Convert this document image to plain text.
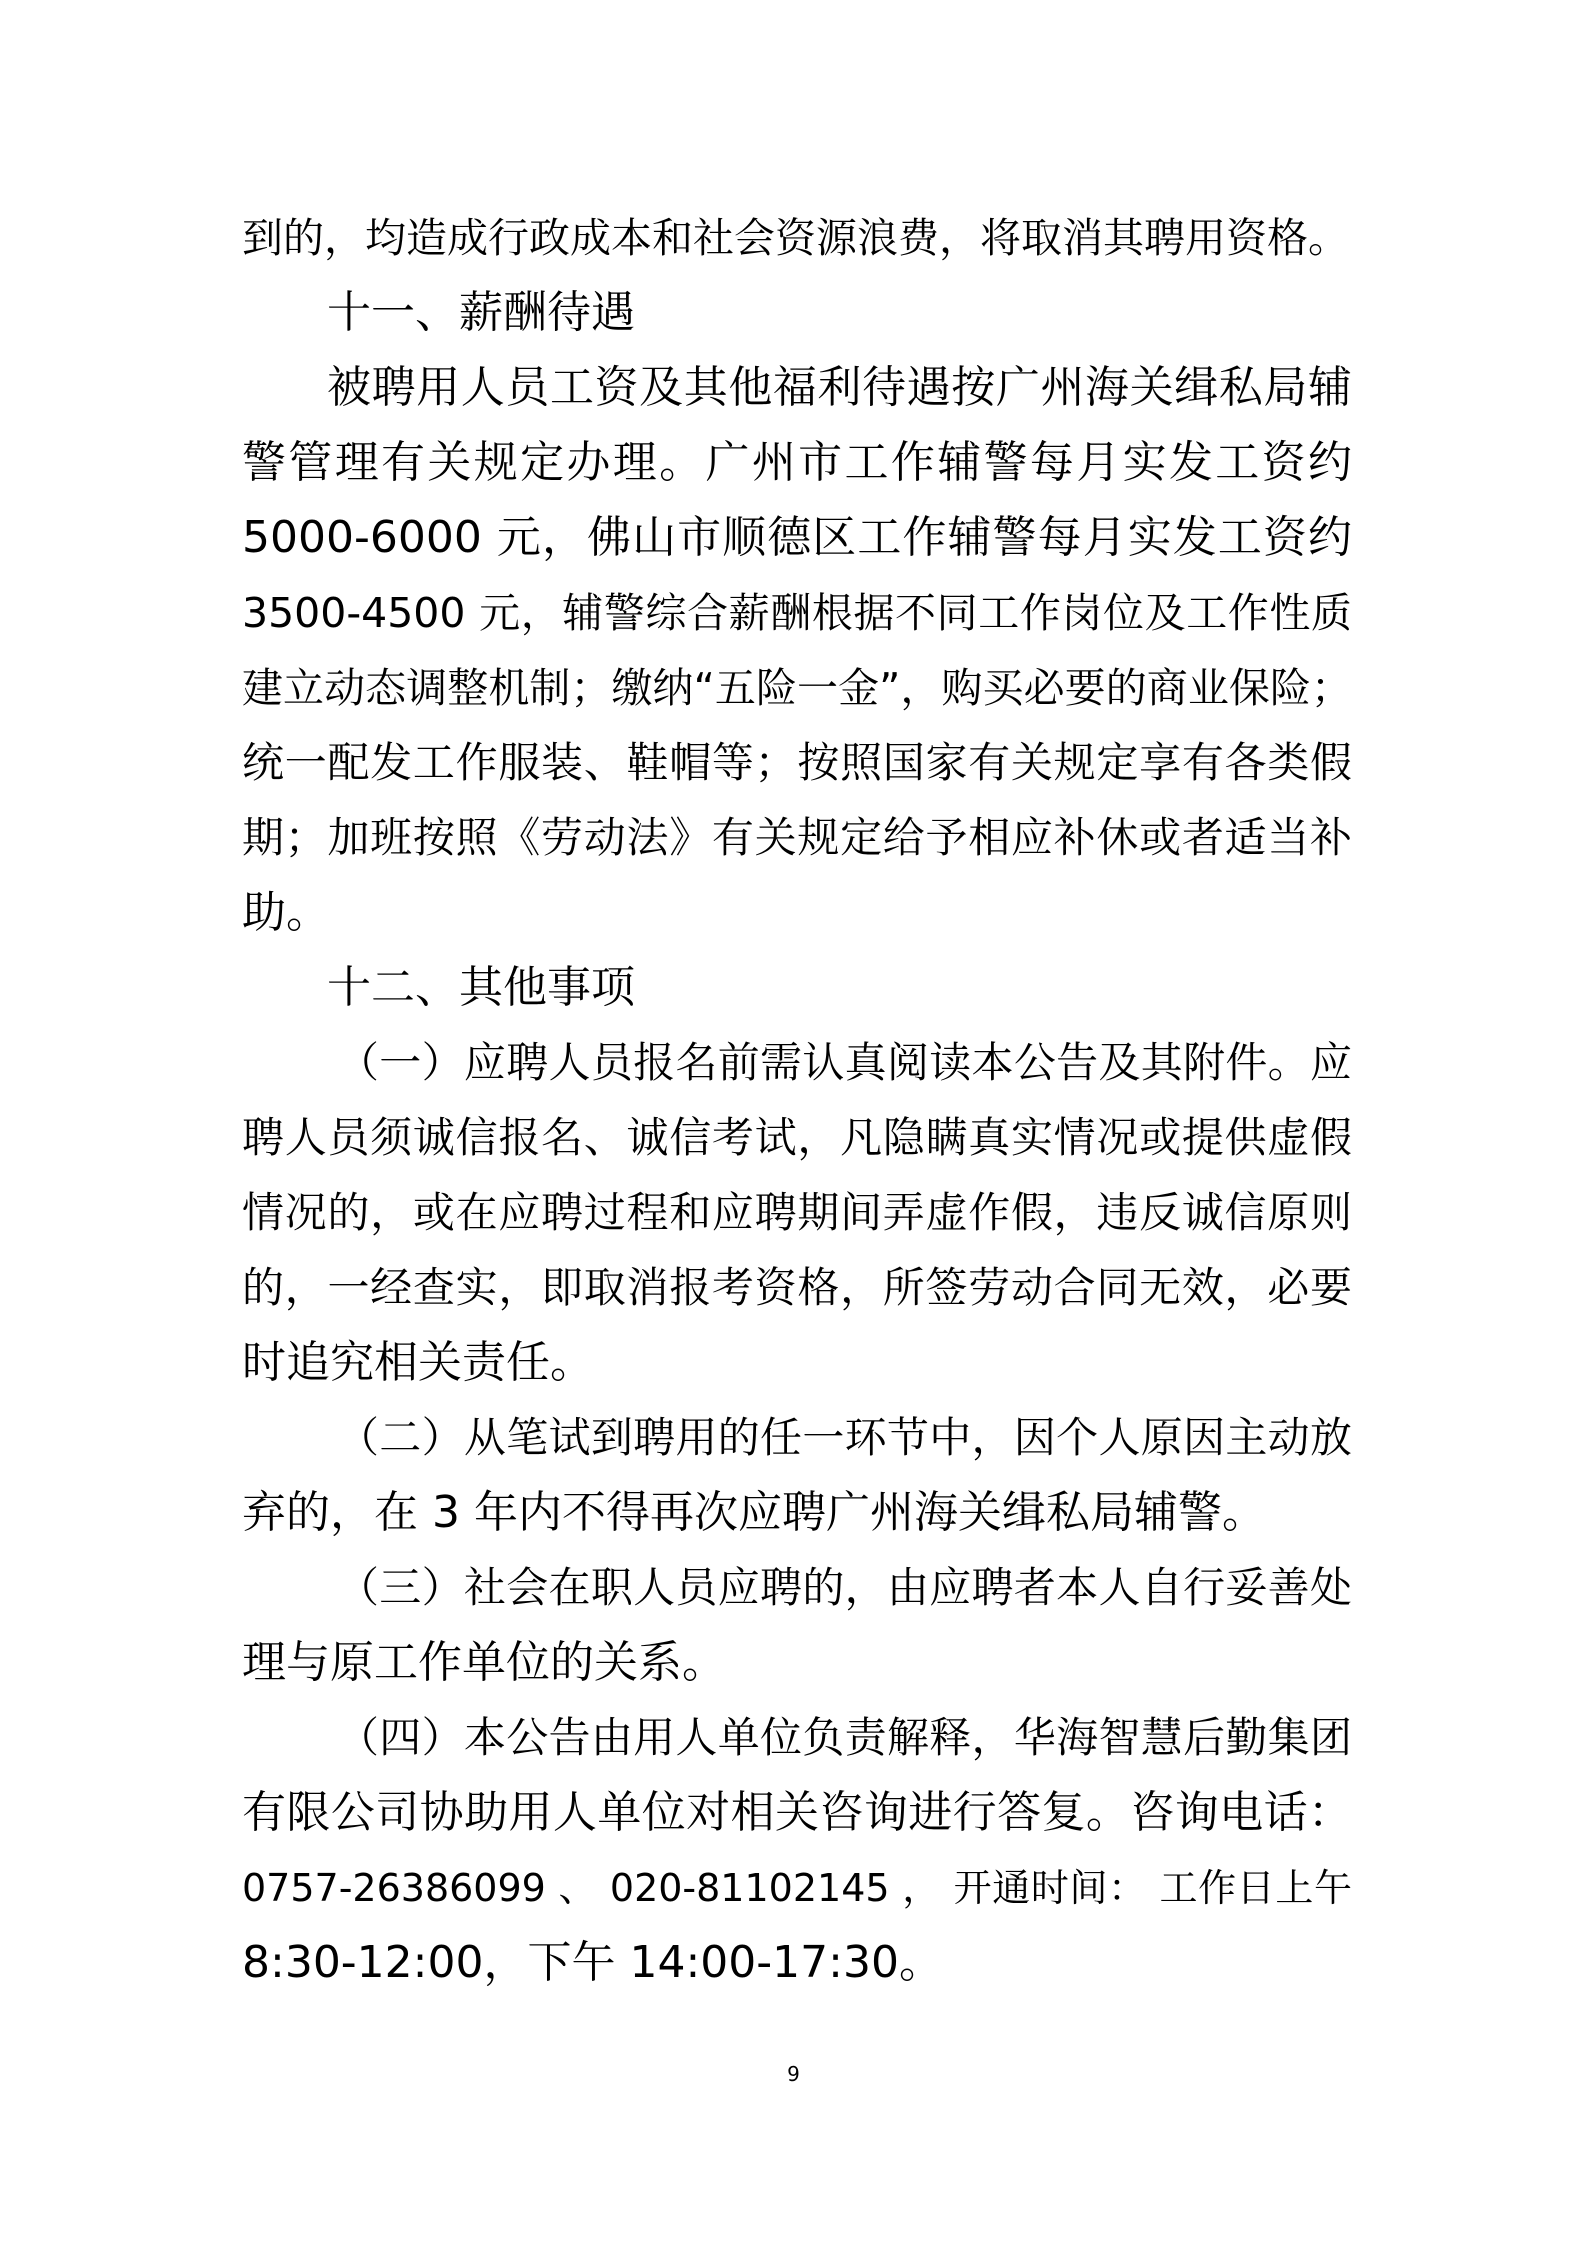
到的，均造成行政成本和社会资源浪费，将取消其聘用资格。
十一、薪酬待遇
被聘用人员工资及其他福利待遇按广州海关缉私局辅
警管理有关规定办理。广州市工作辅警每月实发工资约
5000-6000 元，佛山市顺德区工作辅警每月实发工资约
3500-4500 元，辅警综合薪酬根据不同工作岗位及工作性质
建立动态调整机制；缴纳“五险一金”，购买必要的商业保险；
统一配发工作服装、鞋帽等；按照国家有关规定享有各类假
期；加班按照《劳动法》有关规定给予相应补休或者适当补
助。
十二、其他事项
（一）应聘人员报名前需认真阅读本公告及其附件。应
聘人员须诚信报名、诚信考试，凡隐瞒真实情况或提供虚假
情况的，或在应聘过程和应聘期间弄虚作假，违反诚信原则
的，一经查实，即取消报考资格，所签劳动合同无效，必要
时追究相关责任。
（二）从笔试到聘用的任一环节中，因个人原因主动放
弃的，在 3 年内不得再次应聘广州海关缉私局辅警。
（三）社会在职人员应聘的，由应聘者本人自行妥善处
理与原工作单位的关系。
（四）本公告由用人单位负责解释，华海智慧后勤集团
有限公司协助用人单位对相关咨询进行答复。咨询电话：
0757-26386099 、 020-81102145 ， 开通时间： 工作日上午
8:30-12:00，下午 14:00-17:30。
9
